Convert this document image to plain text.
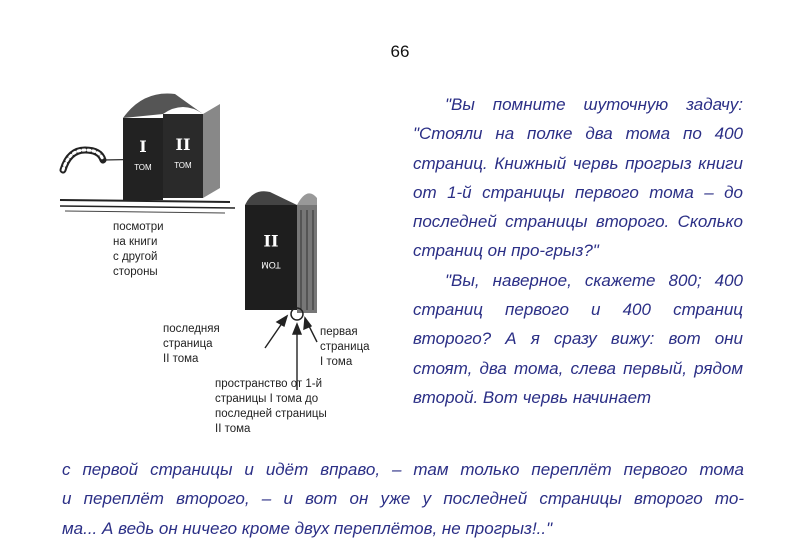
66
I
ТОМ
II
ТОМ
II
ТОМ
посмотри
на книги
с другой
стороны
последняя
страница
II тома
первая
страница
I тома
пространство от 1-й
страницы I тома до
последней страницы
II тома

"Вы помните шуточную задачу: "Стояли на полке два тома по 400 страниц. Книжный червь прогрыз книги от 1-й страницы первого тома – до последней страницы второго. Сколько страниц он про-грыз?"

"Вы, наверное, скажете 800; 400 страниц первого и 400 страниц второго? А я сразу вижу: вот они стоят, два тома, слева первый, рядом второй. Вот червь начинает

с первой страницы и идёт вправо, – там только переплёт первого тома
и переплёт второго, – и вот он уже у последней страницы второго то-
ма... А ведь он ничего кроме двух переплётов, не прогрыз!.."
